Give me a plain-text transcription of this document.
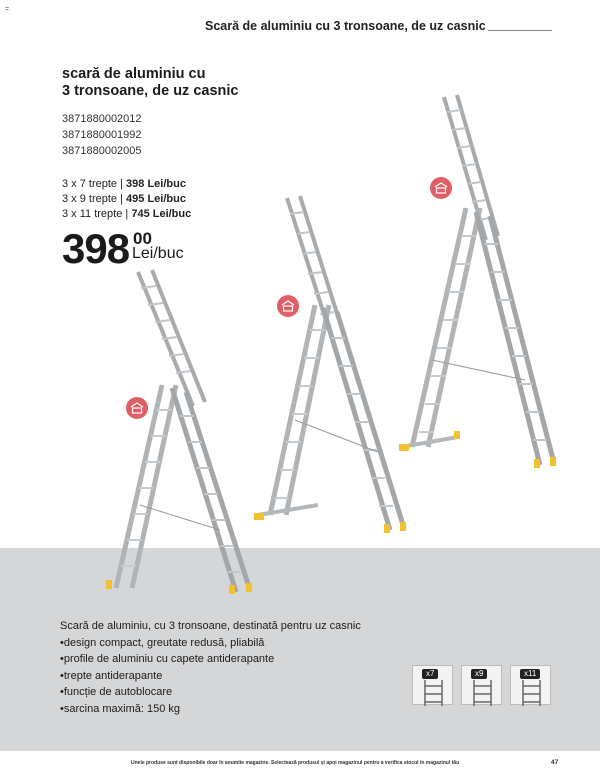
=
Scară de aluminiu cu 3 tronsoane, de uz casnic
scară de aluminiu cu
3 tronsoane, de uz casnic
3871880002012
3871880001992
3871880002005
3 x 7 trepte | 398 Lei/buc
3 x 9 trepte | 495 Lei/buc
3 x 11 trepte | 745 Lei/buc
398 00
Lei/buc
Scară de aluminiu, cu 3 tronsoane, destinată pentru uz casnic
• design compact, greutate redusă, pliabilă
• profile de aluminiu cu capete antiderapante
• trepte antiderapante
• funcție de autoblocare
• sarcina maximă: 150 kg
x7	x9	x11
Unele produse sunt disponibile doar în anumite magazine. Selectează produsul și apoi magazinul pentru a verifica stocul în magazinul tău	47
